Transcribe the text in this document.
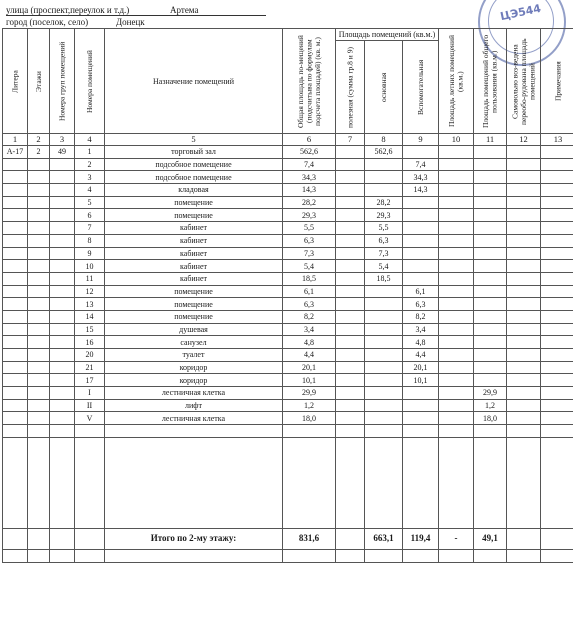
улица (проспект,переулок и т.д.)	Артема
город (поселок, село)	Донецк	ЦЭ544
Литера	Этажи	Номера груп помещений	Номера помещений	Назначение помещений	Общая площадь по-мещений (подсчитыва по формулам подсчета площадей) (кв. м.)	Площадь помещений (кв.м.)			Площадь летних помещений (кв.м.)	Площадь помещений общего пользования (кв.м.)	Самовольно воз-ведена переобо-рудована площадь помещений	Примечания
						полезная (сумма гр.8 и 9)	основная	Вспомогательная				
1	2	3	4	5	6	7	8	9	10	11	12	13
А-17	2	49	1	торговый зал	562,6		562,6					
			2	подсобное помещение	7,4			7,4				
			3	подсобное помещение	34,3			34,3				
			4	кладовая	14,3			14,3				
			5	помещение	28,2		28,2					
			6	помещение	29,3		29,3					
			7	кабинет	5,5		5,5					
			8	кабинет	6,3		6,3					
			9	кабинет	7,3		7,3					
			10	кабинет	5,4		5,4					
			11	кабинет	18,5		18,5					
			12	помещение	6,1			6,1				
			13	помещение	6,3			6,3				
			14	помещение	8,2			8,2				
			15	душевая	3,4			3,4				
			16	санузел	4,8			4,8				
			20	туалет	4,4			4,4				
			21	коридор	20,1			20,1				
			17	коридор	10,1			10,1				
			I	лестничная клетка	29,9					29,9		
			II	лифт	1,2					1,2		
			V	лестничная клетка	18,0					18,0		

				Итого по 2-му этажу:	831,6		663,1	119,4	-	49,1		
